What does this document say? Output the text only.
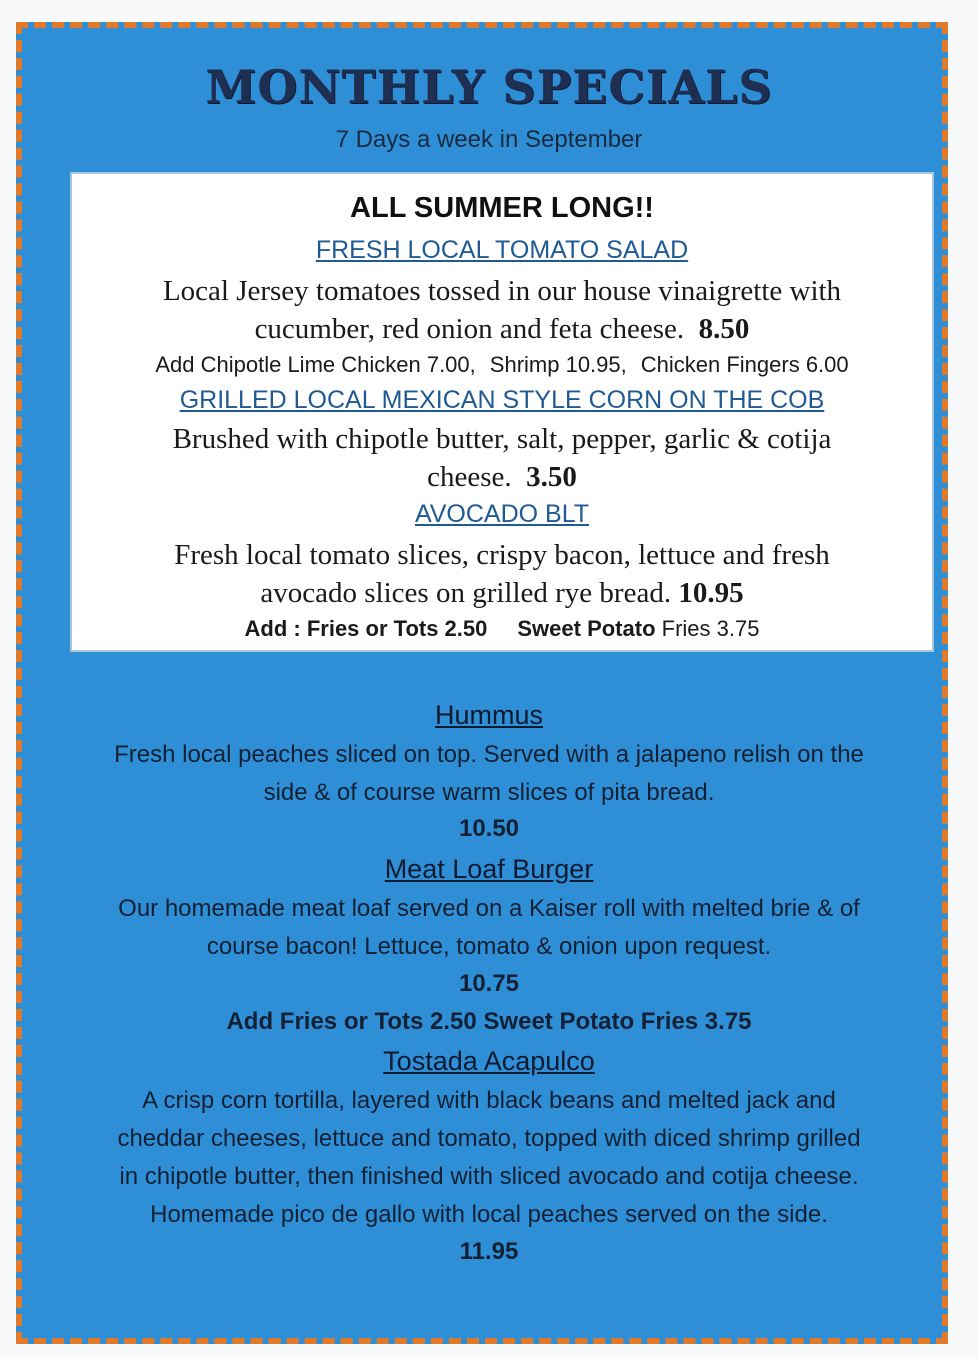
MONTHLY SPECIALS
7 Days a week in September
ALL SUMMER LONG!!
FRESH LOCAL TOMATO SALAD
Local Jersey tomatoes tossed in our house vinaigrette with
cucumber, red onion and feta cheese. 8.50
Add Chipotle Lime Chicken 7.00, Shrimp 10.95, Chicken Fingers 6.00
GRILLED LOCAL MEXICAN STYLE CORN ON THE COB
Brushed with chipotle butter, salt, pepper, garlic & cotija
cheese. 3.50
AVOCADO BLT
Fresh local tomato slices, crispy bacon, lettuce and fresh
avocado slices on grilled rye bread. 10.95
Add : Fries or Tots 2.50 Sweet Potato Fries 3.75
Hummus
Fresh local peaches sliced on top. Served with a jalapeno relish on the
side & of course warm slices of pita bread.
10.50
Meat Loaf Burger
Our homemade meat loaf served on a Kaiser roll with melted brie & of
course bacon! Lettuce, tomato & onion upon request.
10.75
Add Fries or Tots 2.50 Sweet Potato Fries 3.75
Tostada Acapulco
A crisp corn tortilla, layered with black beans and melted jack and
cheddar cheeses, lettuce and tomato, topped with diced shrimp grilled
in chipotle butter, then finished with sliced avocado and cotija cheese.
Homemade pico de gallo with local peaches served on the side.
11.95
